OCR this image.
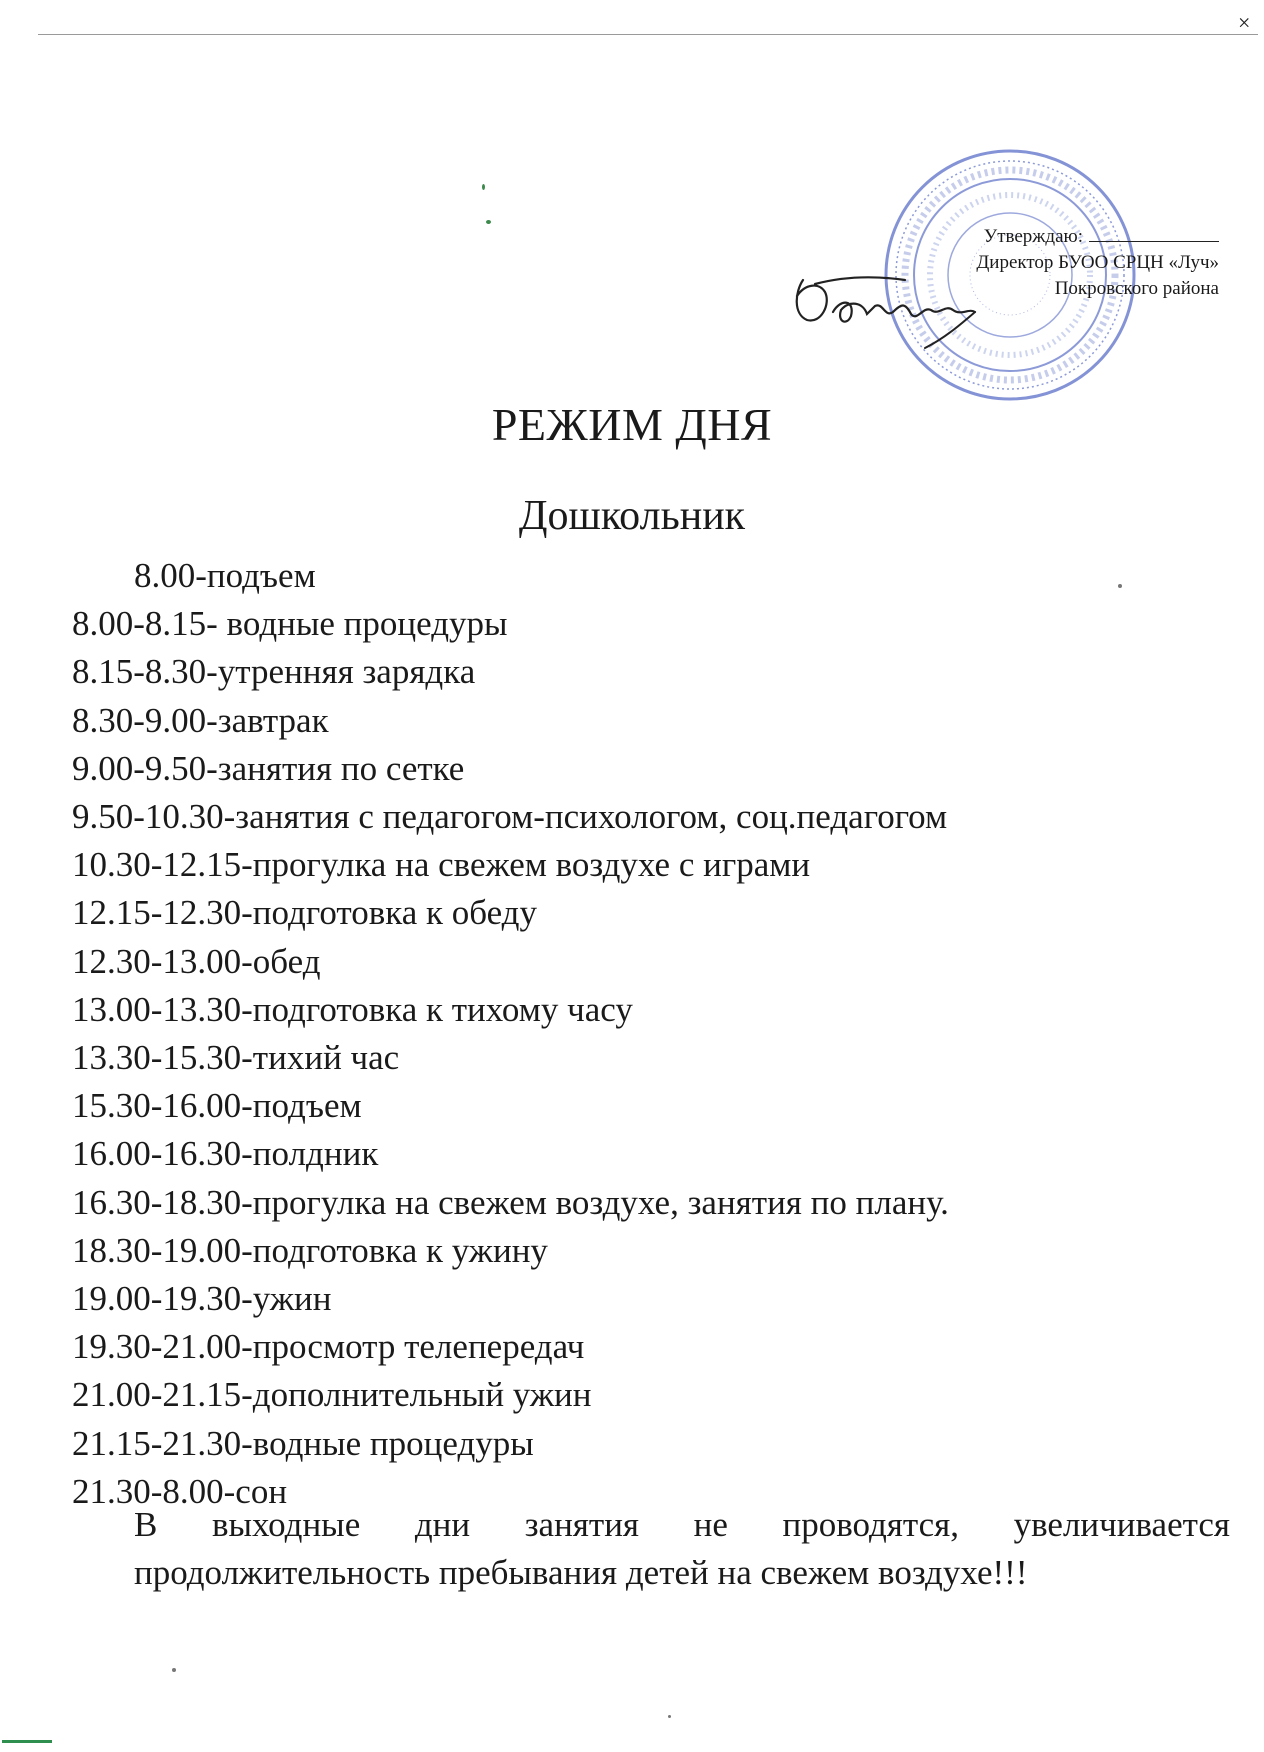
×
Утверждаю:
Директор БУОО СРЦН «Луч»
Покровского района
РЕЖИМ ДНЯ
Дошкольник
8.00-подъем
8.00-8.15- водные процедуры
8.15-8.30-утренняя зарядка
8.30-9.00-завтрак
9.00-9.50-занятия по сетке
9.50-10.30-занятия с педагогом-психологом, соц.педагогом
10.30-12.15-прогулка на свежем воздухе с играми
12.15-12.30-подготовка к обеду
12.30-13.00-обед
13.00-13.30-подготовка к тихому часу
13.30-15.30-тихий час
15.30-16.00-подъем
16.00-16.30-полдник
16.30-18.30-прогулка на свежем воздухе, занятия по плану.
18.30-19.00-подготовка к ужину
19.00-19.30-ужин
19.30-21.00-просмотр телепередач
21.00-21.15-дополнительный ужин
21.15-21.30-водные процедуры
21.30-8.00-сон
В выходные дни занятия не проводятся, увеличивается продолжительность пребывания детей на свежем воздухе!!!
